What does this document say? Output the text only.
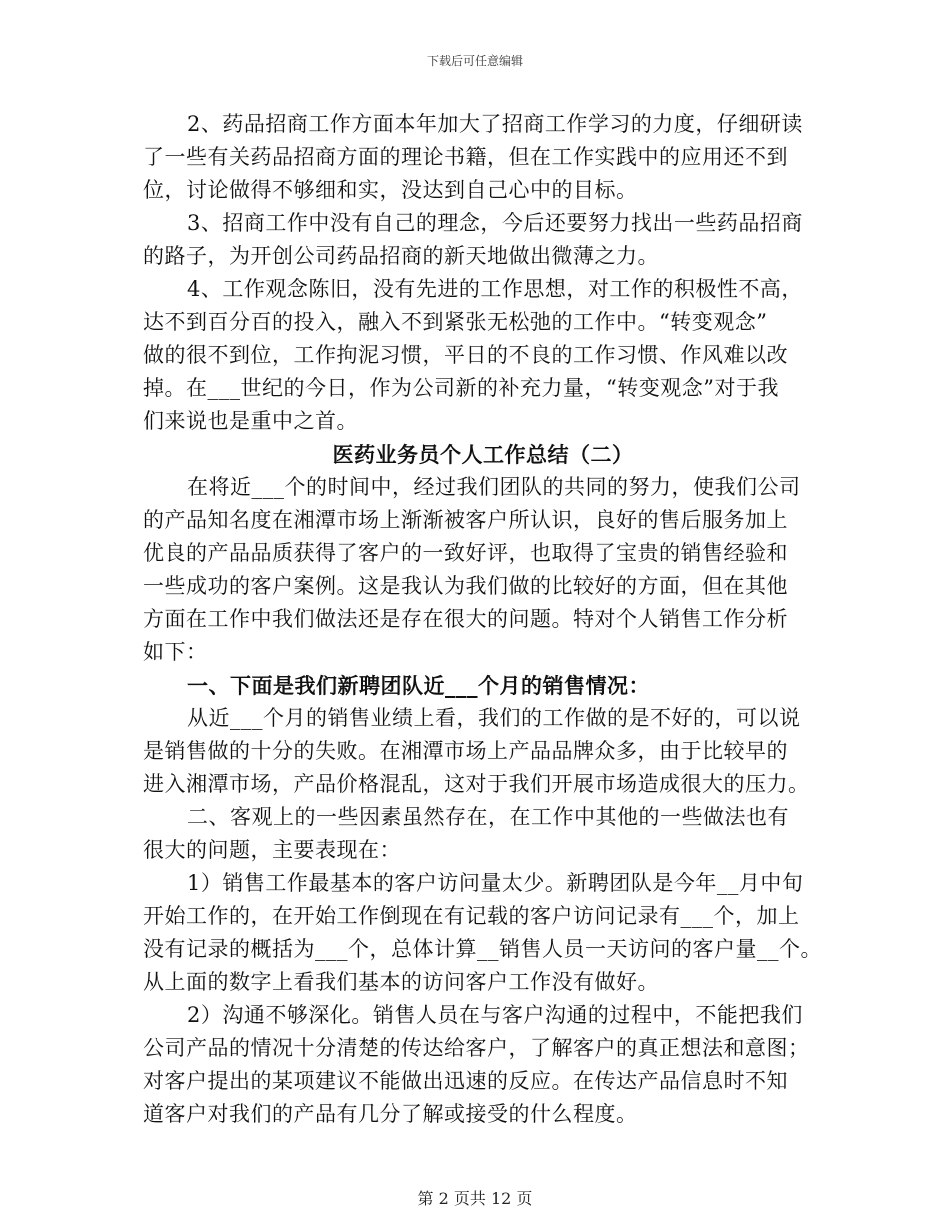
下载后可任意编辑
2、药品招商工作方面本年加大了招商工作学习的力度，仔细研读
了一些有关药品招商方面的理论书籍，但在工作实践中的应用还不到
位，讨论做得不够细和实，没达到自己心中的目标。
3、招商工作中没有自己的理念，今后还要努力找出一些药品招商
的路子，为开创公司药品招商的新天地做出微薄之力。
4、工作观念陈旧，没有先进的工作思想，对工作的积极性不高，
达不到百分百的投入，融入不到紧张无松弛的工作中。“转变观念”
做的很不到位，工作拘泥习惯，平日的不良的工作习惯、作风难以改
掉。在___世纪的今日，作为公司新的补充力量，“转变观念”对于我
们来说也是重中之首。
医药业务员个人工作总结（二）
在将近___个的时间中，经过我们团队的共同的努力，使我们公司
的产品知名度在湘潭市场上渐渐被客户所认识，良好的售后服务加上
优良的产品品质获得了客户的一致好评，也取得了宝贵的销售经验和
一些成功的客户案例。这是我认为我们做的比较好的方面，但在其他
方面在工作中我们做法还是存在很大的问题。特对个人销售工作分析
如下：
一、下面是我们新聘团队近___个月的销售情况：
从近___个月的销售业绩上看，我们的工作做的是不好的，可以说
是销售做的十分的失败。在湘潭市场上产品品牌众多，由于比较早的
进入湘潭市场，产品价格混乱，这对于我们开展市场造成很大的压力。
二、客观上的一些因素虽然存在，在工作中其他的一些做法也有
很大的问题，主要表现在：
1）销售工作最基本的客户访问量太少。新聘团队是今年__月中旬
开始工作的，在开始工作倒现在有记载的客户访问记录有___个，加上
没有记录的概括为___个，总体计算__销售人员一天访问的客户量__个。
从上面的数字上看我们基本的访问客户工作没有做好。
2）沟通不够深化。销售人员在与客户沟通的过程中，不能把我们
公司产品的情况十分清楚的传达给客户，了解客户的真正想法和意图；
对客户提出的某项建议不能做出迅速的反应。在传达产品信息时不知
道客户对我们的产品有几分了解或接受的什么程度。
第 2 页共 12 页
